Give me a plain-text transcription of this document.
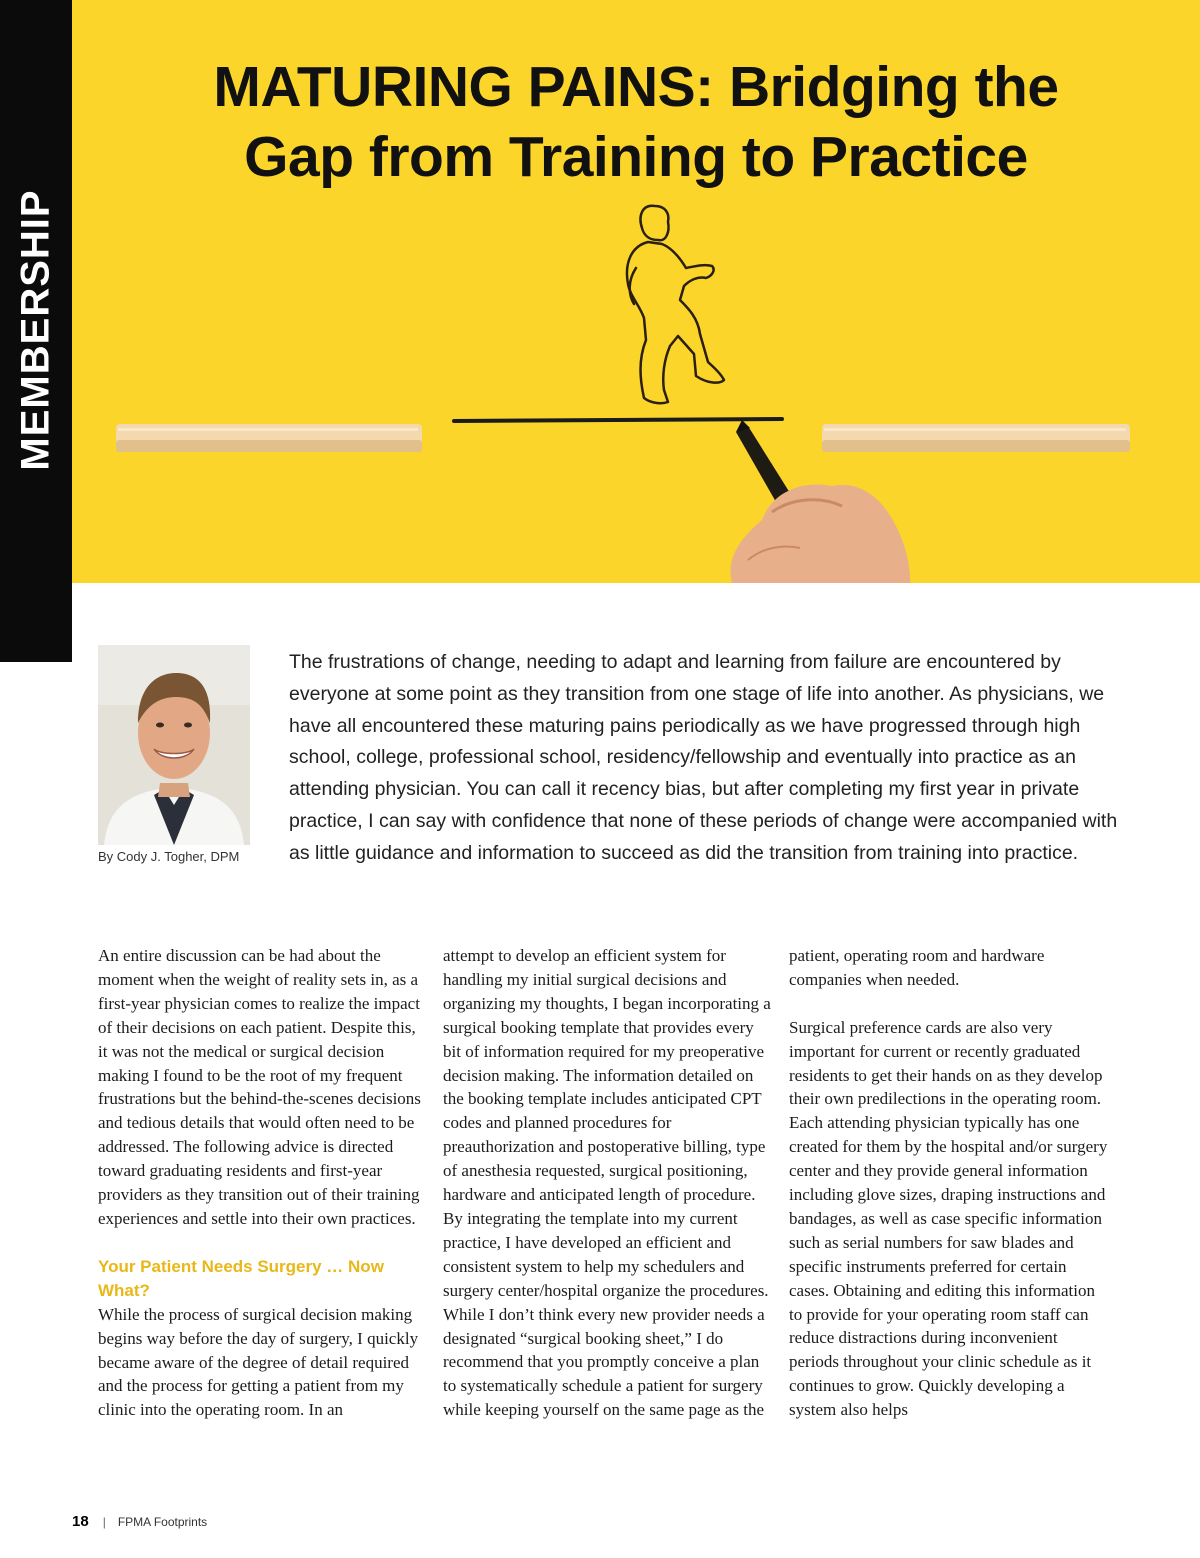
MEMBERSHIP
MATURING PAINS: Bridging the
Gap from Training to Practice
By Cody J. Togher, DPM

The frustrations of change, needing to adapt and learning from failure are encountered by everyone at some point as they transition from one stage of life into another. As physicians, we have all encountered these maturing pains periodically as we have progressed through high school, college, professional school, residency/fellowship and eventually into practice as an attending physician. You can call it recency bias, but after completing my first year in private practice, I can say with confidence that none of these periods of change were accompanied with as little guidance and information to succeed as did the transition from training into practice.

An entire discussion can be had about the moment when the weight of reality sets in, as a first-year physician comes to realize the impact of their decisions on each patient. Despite this, it was not the medical or surgical decision making I found to be the root of my frequent frustrations but the behind-the-scenes decisions and tedious details that would often need to be addressed. The following advice is directed toward graduating residents and first-year providers as they transition out of their training experiences and settle into their own practices.

Your Patient Needs Surgery … Now What?

While the process of surgical decision making begins way before the day of surgery, I quickly became aware of the degree of detail required and the process for getting a patient from my clinic into the operating room. In an

attempt to develop an efficient system for handling my initial surgical decisions and organizing my thoughts, I began incorporating a surgical booking template that provides every bit of information required for my preoperative decision making. The information detailed on the booking template includes anticipated CPT codes and planned procedures for preauthorization and postoperative billing, type of anesthesia requested, surgical positioning, hardware and anticipated length of procedure. By integrating the template into my current practice, I have developed an efficient and consistent system to help my schedulers and surgery center/hospital organize the procedures. While I don’t think every new provider needs a designated “surgical booking sheet,” I do recommend that you promptly conceive a plan to systematically schedule a patient for surgery while keeping yourself on the same page as the

patient, operating room and hardware companies when needed.

Surgical preference cards are also very important for current or recently graduated residents to get their hands on as they develop their own predilections in the operating room. Each attending physician typically has one created for them by the hospital and/or surgery center and they provide general information including glove sizes, draping instructions and bandages, as well as case specific information such as serial numbers for saw blades and specific instruments preferred for certain cases. Obtaining and editing this information to provide for your operating room staff can reduce distractions during inconvenient periods throughout your clinic schedule as it continues to grow. Quickly developing a system also helps

18 | FPMA Footprints
